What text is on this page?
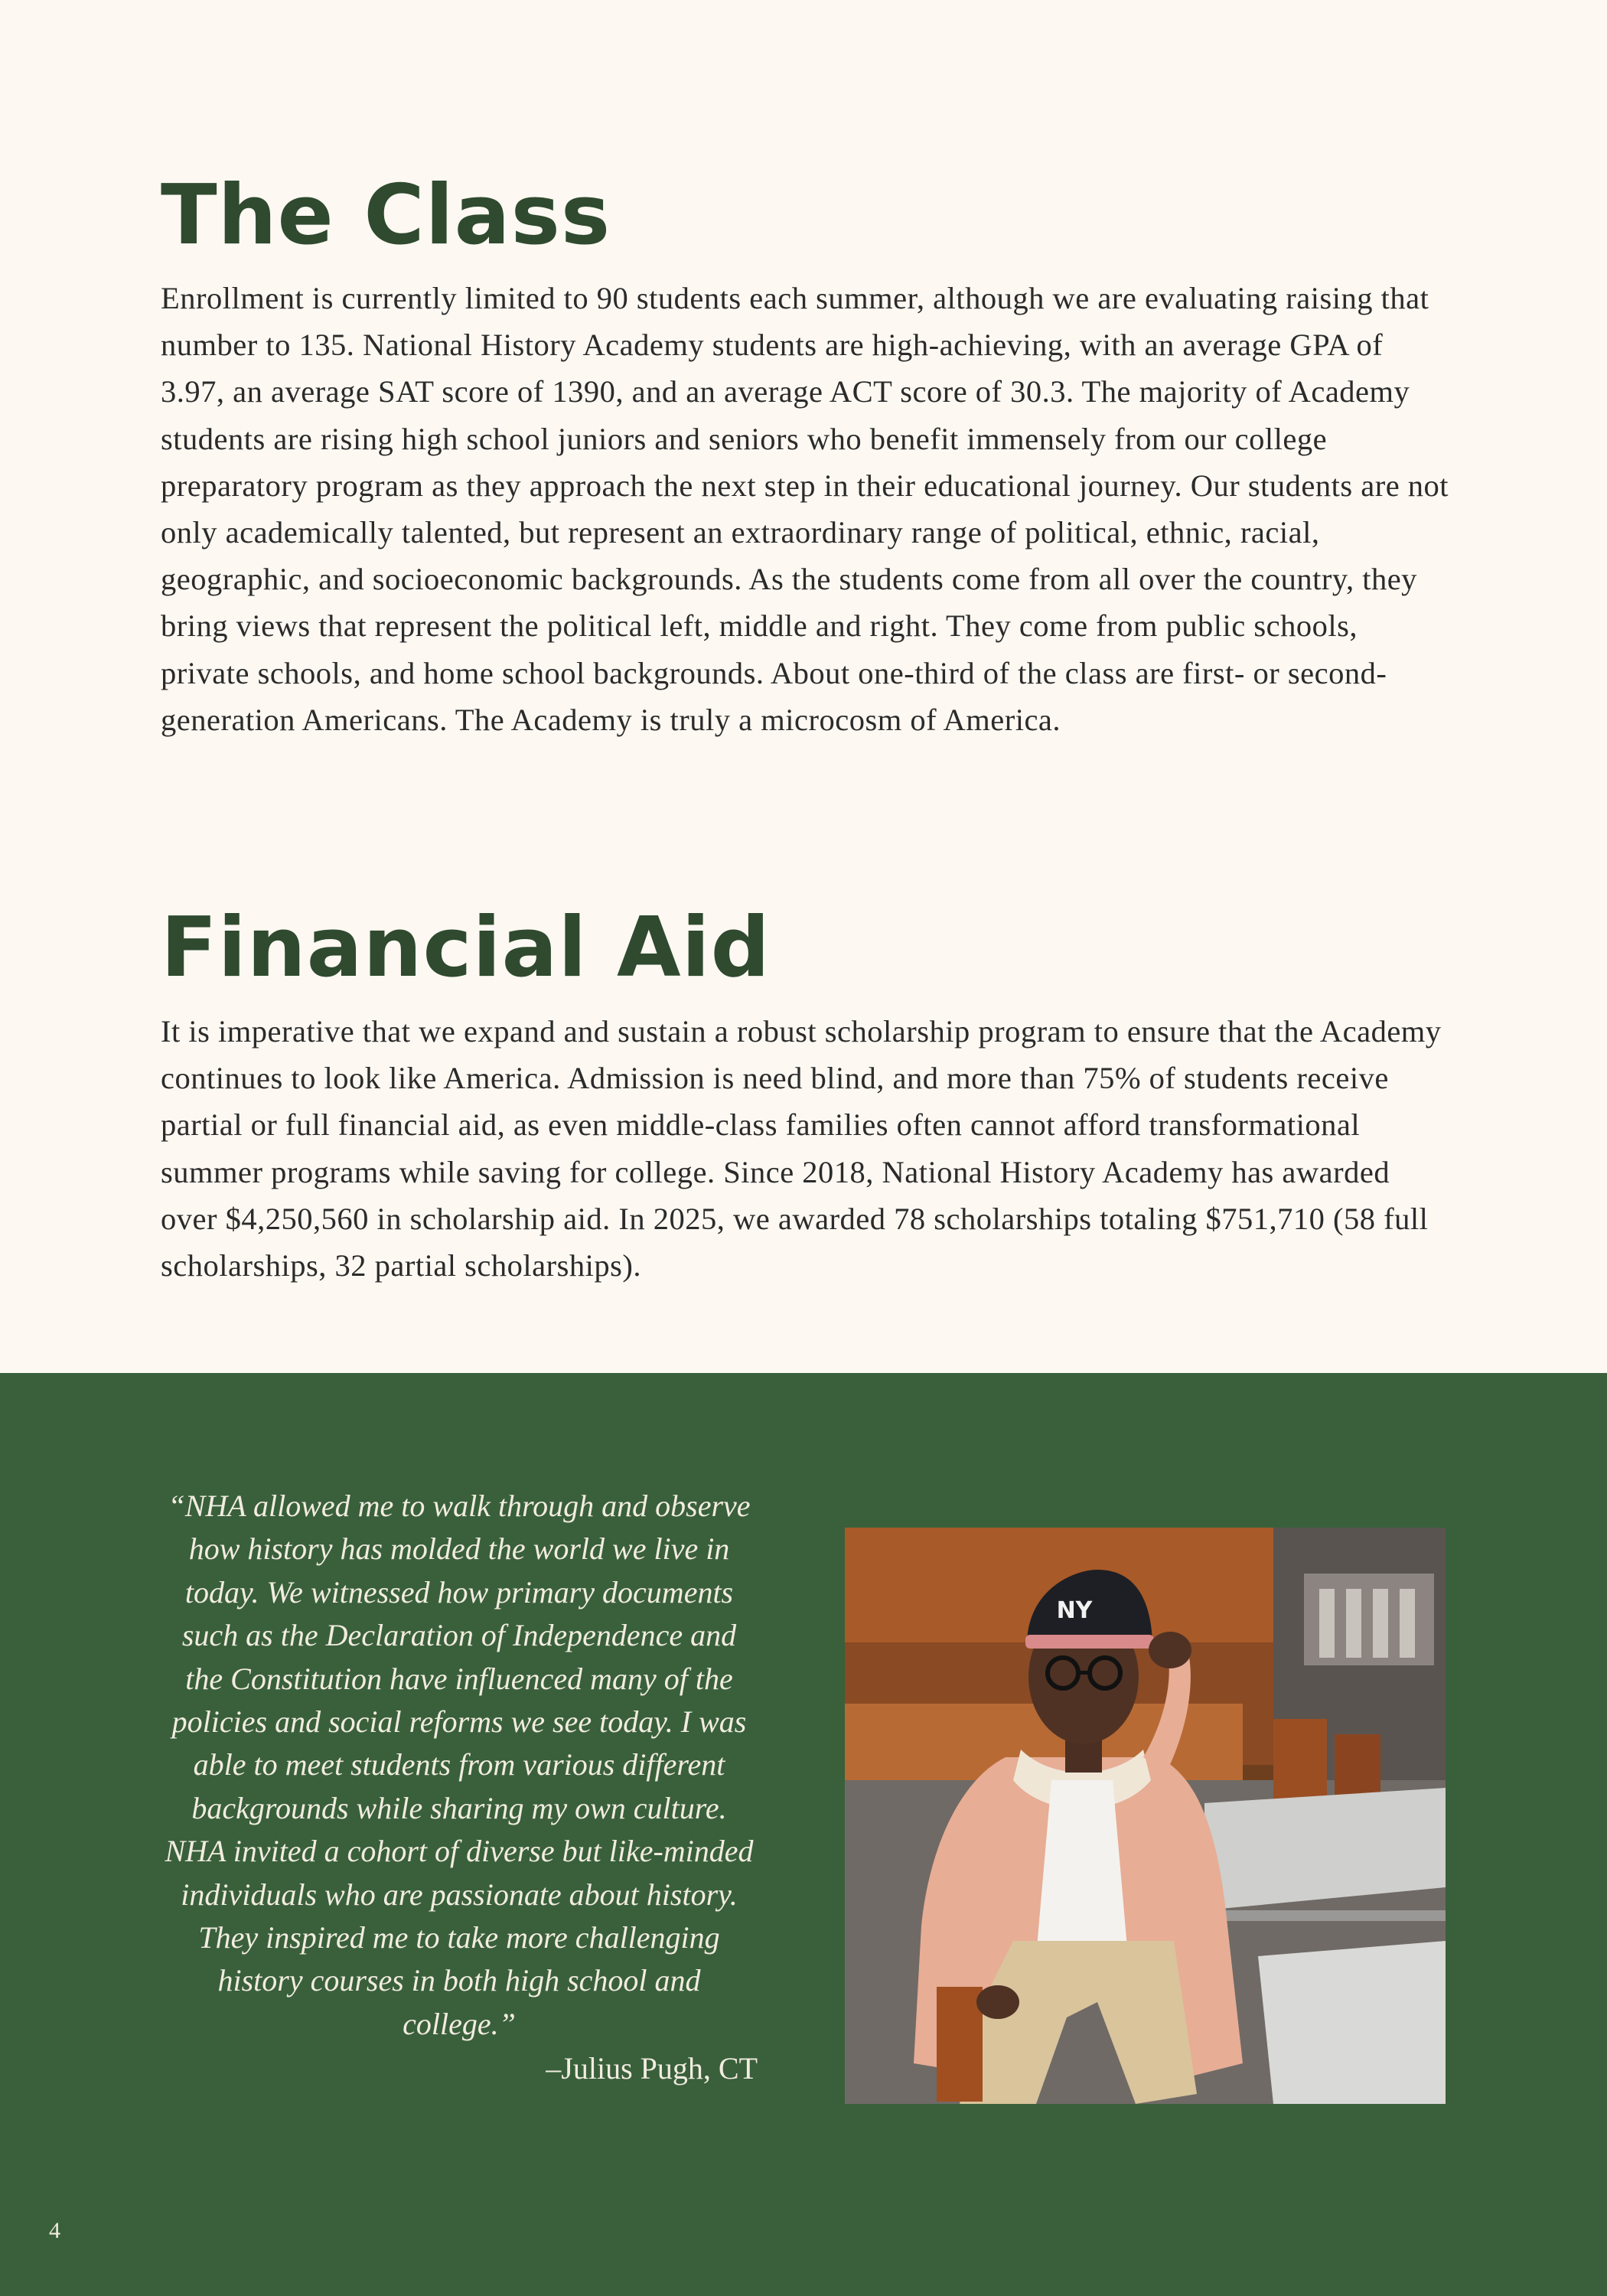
The Class

Enrollment is currently limited to 90 students each summer, although we are evaluating raising that number to 135. National History Academy students are high-achieving, with an average GPA of 3.97, an average SAT score of 1390, and an average ACT score of 30.3. The majority of Academy students are rising high school juniors and seniors who benefit immensely from our college preparatory program as they approach the next step in their educational journey. Our students are not only academically talented, but represent an extraordinary range of political, ethnic, racial, geographic, and socioeconomic backgrounds. As the students come from all over the country, they bring views that represent the political left, middle and right. They come from public schools, private schools, and home school backgrounds. About one-third of the class are first- or second-generation Americans. The Academy is truly a microcosm of America.

Financial Aid

It is imperative that we expand and sustain a robust scholarship program to ensure that the Academy continues to look like America. Admission is need blind, and more than 75% of students receive partial or full financial aid, as even middle-class families often cannot afford transformational summer programs while saving for college. Since 2018, National History Academy has awarded over $4,250,560 in scholarship aid. In 2025, we awarded 78 scholarships totaling $751,710 (58 full scholarships, 32 partial scholarships).

“NHA allowed me to walk through and observe how history has molded the world we live in today. We witnessed how primary documents such as the Declaration of Independence and the Constitution have influenced many of the policies and social reforms we see today. I was able to meet students from various different backgrounds while sharing my own culture. NHA invited a cohort of diverse but like-minded individuals who are passionate about history. They inspired me to take more challenging history courses in both high school and college.”

–Julius Pugh, CT

NY
4
